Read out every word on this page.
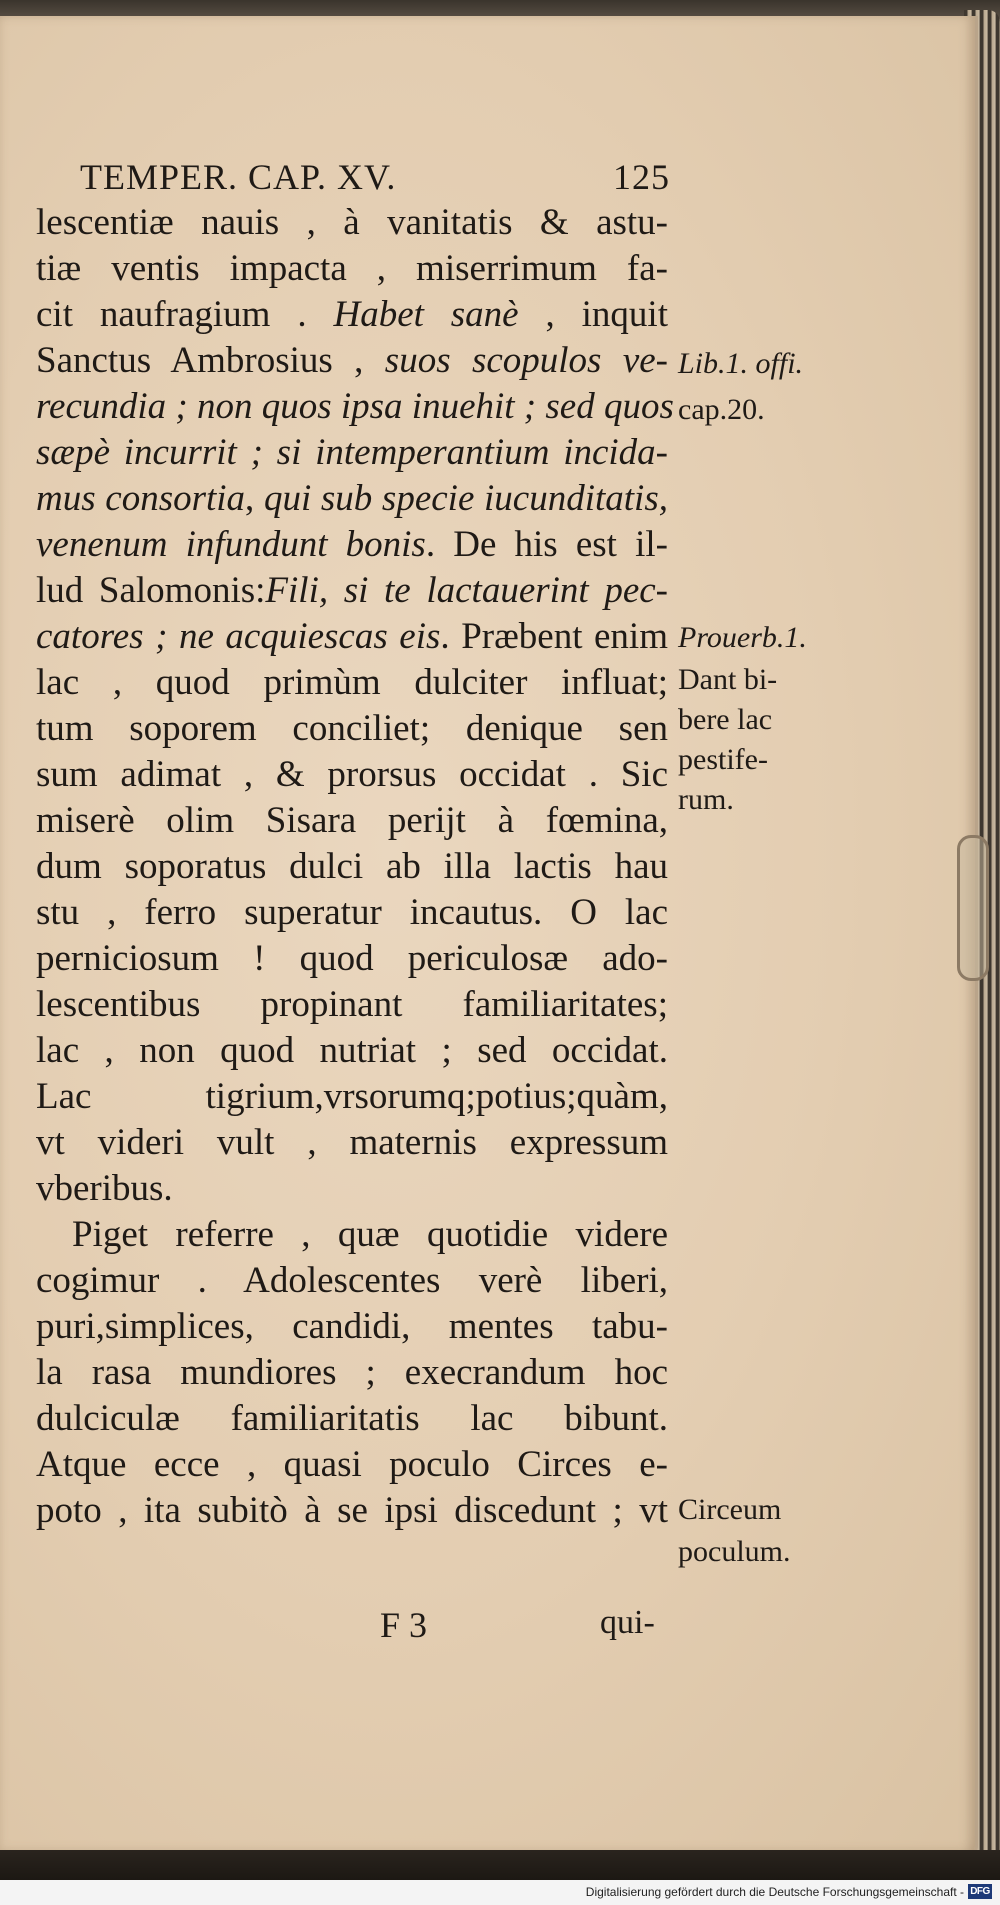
TEMPER. CAP. XV.	125
lescentiæ nauis , à vanitatis & astu-
tiæ ventis impacta , miserrimum fa-
cit naufragium . Habet sanè , inquit
Sanctus Ambrosius , suos scopulos ve-
recundia ; non quos ipsa inuehit ; sed quos
sæpè incurrit ; si intemperantium incida-
mus consortia, qui sub specie iucunditatis,
venenum infundunt bonis. De his est il-
lud Salomonis:Fili, si te lactauerint pec-
catores ; ne acquiescas eis. Præbent enim
lac , quod primùm dulciter influat;
tum soporem conciliet; denique sen
sum adimat , & prorsus occidat . Sic
miserè olim Sisara perijt à fœmina,
dum soporatus dulci ab illa lactis hau
stu , ferro superatur incautus. O lac
perniciosum ! quod periculosæ ado-
lescentibus propinant familiaritates;
lac , non quod nutriat ; sed occidat.
Lac tigrium,vrsorumq;potius;quàm,
vt videri vult , maternis expressum
vberibus.
Piget referre , quæ quotidie videre
cogimur . Adolescentes verè liberi,
puri,simplices, candidi, mentes tabu-
la rasa mundiores ; execrandum hoc
dulciculæ familiaritatis lac bibunt.
Atque ecce , quasi poculo Circes e-
poto , ita subitò à se ipsi discedunt ; vt
Lib.1. offi.
cap.20.
Prouerb.1.
Dant bi-
bere lac
pestife-
rum.
Circeum
poculum.
F 3	qui-
Digitalisierung gefördert durch die Deutsche Forschungsgemeinschaft - DFG
